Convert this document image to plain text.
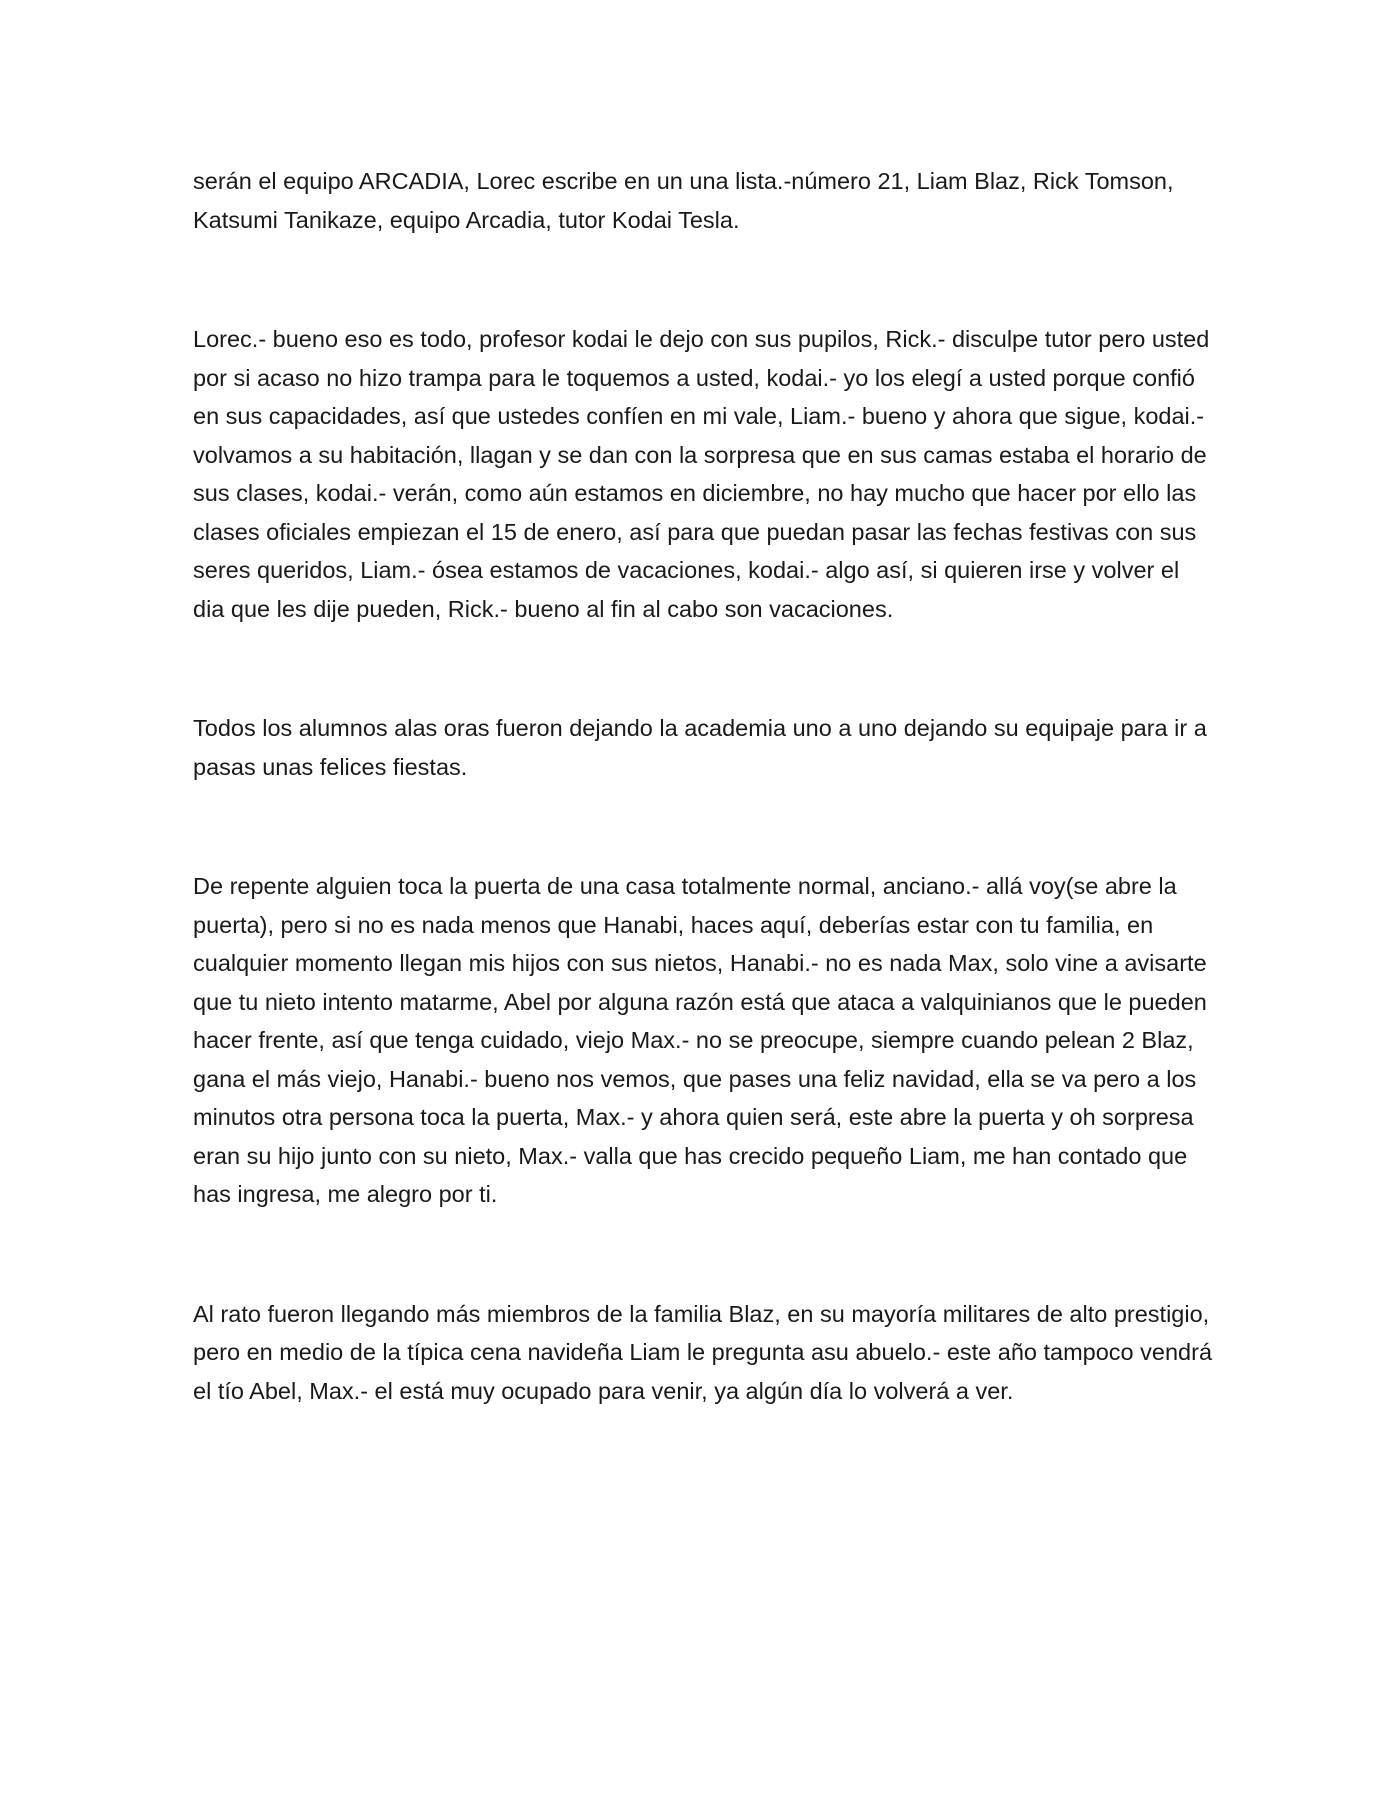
serán el equipo ARCADIA, Lorec escribe en un una lista.-número 21, Liam Blaz, Rick Tomson, Katsumi Tanikaze, equipo Arcadia, tutor Kodai Tesla.

Lorec.- bueno eso es todo, profesor kodai le dejo con sus pupilos, Rick.- disculpe tutor pero usted por si acaso no hizo trampa para le toquemos a usted, kodai.- yo los elegí a usted porque confió en sus capacidades, así que ustedes confíen en mi vale, Liam.- bueno y ahora que sigue, kodai.- volvamos a su habitación, llagan y se dan con la sorpresa que en sus camas estaba el horario de sus clases, kodai.- verán, como aún estamos en diciembre, no hay mucho que hacer por ello las clases oficiales empiezan el 15 de enero, así para que puedan pasar las fechas festivas con sus seres queridos, Liam.- ósea estamos de vacaciones, kodai.- algo así, si quieren irse y volver el dia que les dije pueden, Rick.- bueno al fin al cabo son vacaciones.

Todos los alumnos alas oras fueron dejando la academia uno a uno dejando su equipaje para ir a pasas unas felices fiestas.

De repente alguien toca la puerta de una casa totalmente normal, anciano.- allá voy(se abre la puerta), pero si no es nada menos que Hanabi, haces aquí, deberías estar con tu familia, en cualquier momento llegan mis hijos con sus nietos, Hanabi.- no es nada Max, solo vine a avisarte que tu nieto intento matarme, Abel por alguna razón está que ataca a valquinianos que le pueden hacer frente, así que tenga cuidado, viejo Max.- no se preocupe, siempre cuando pelean 2 Blaz, gana el más viejo, Hanabi.- bueno nos vemos, que pases una feliz navidad, ella se va pero a los minutos otra persona toca la puerta, Max.- y ahora quien será, este abre la puerta y oh sorpresa eran su hijo junto con su nieto, Max.- valla que has crecido pequeño Liam, me han contado que has ingresa, me alegro por ti.

Al rato fueron llegando más miembros de la familia Blaz, en su mayoría militares de alto prestigio, pero en medio de la típica cena navideña Liam le pregunta asu abuelo.- este año tampoco vendrá el tío Abel, Max.- el está muy ocupado para venir, ya algún día lo volverá a ver.
